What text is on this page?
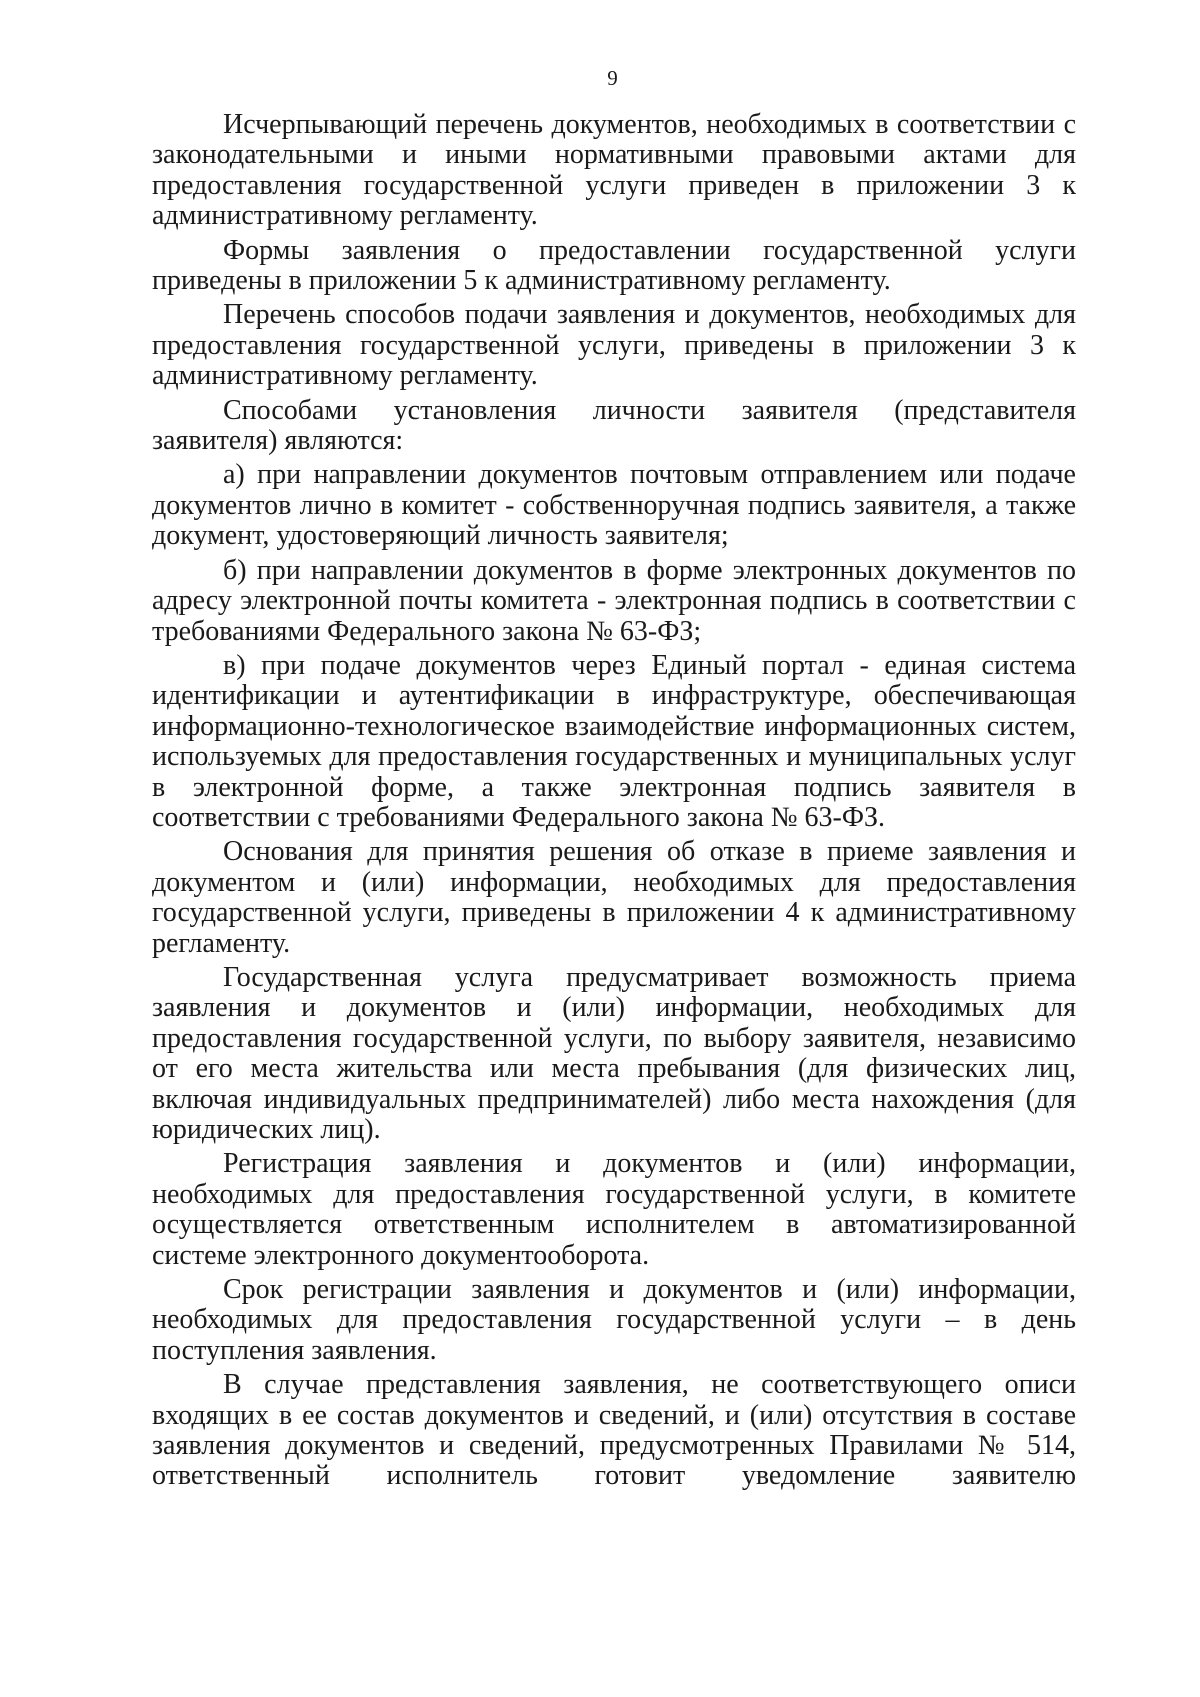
9

Исчерпывающий перечень документов, необходимых в соответствии с законодательными и иными нормативными правовыми актами для предоставления государственной услуги приведен в приложении 3 к административному регламенту.

Формы заявления о предоставлении государственной услуги приведены в приложении 5 к административному регламенту.

Перечень способов подачи заявления и документов, необходимых для предоставления государственной услуги, приведены в приложении 3 к административному регламенту.

Способами установления личности заявителя (представителя заявителя) являются:

а) при направлении документов почтовым отправлением или подаче документов лично в комитет - собственноручная подпись заявителя, а также документ, удостоверяющий личность заявителя;

б) при направлении документов в форме электронных документов по адресу электронной почты комитета - электронная подпись в соответствии с требованиями Федерального закона № 63-ФЗ;

в) при подаче документов через Единый портал - единая система идентификации и аутентификации в инфраструктуре, обеспечивающая информационно-технологическое взаимодействие информационных систем, используемых для предоставления государственных и муниципальных услуг в электронной форме, а также электронная подпись заявителя в соответствии с требованиями Федерального закона № 63-ФЗ.

Основания для принятия решения об отказе в приеме заявления и документом и (или) информации, необходимых для предоставления государственной услуги, приведены в приложении 4 к административному регламенту.

Государственная услуга предусматривает возможность приема заявления и документов и (или) информации, необходимых для предоставления государственной услуги, по выбору заявителя, независимо от его места жительства или места пребывания (для физических лиц, включая индивидуальных предпринимателей) либо места нахождения (для юридических лиц).

Регистрация заявления и документов и (или) информации, необходимых для предоставления государственной услуги, в комитете осуществляется ответственным исполнителем в автоматизированной системе электронного документооборота.

Срок регистрации заявления и документов и (или) информации, необходимых для предоставления государственной услуги – в день поступления заявления.

В случае представления заявления, не соответствующего описи входящих в ее состав документов и сведений, и (или) отсутствия в составе заявления документов и сведений, предусмотренных Правилами № 514, ответственный исполнитель готовит уведомление заявителю
